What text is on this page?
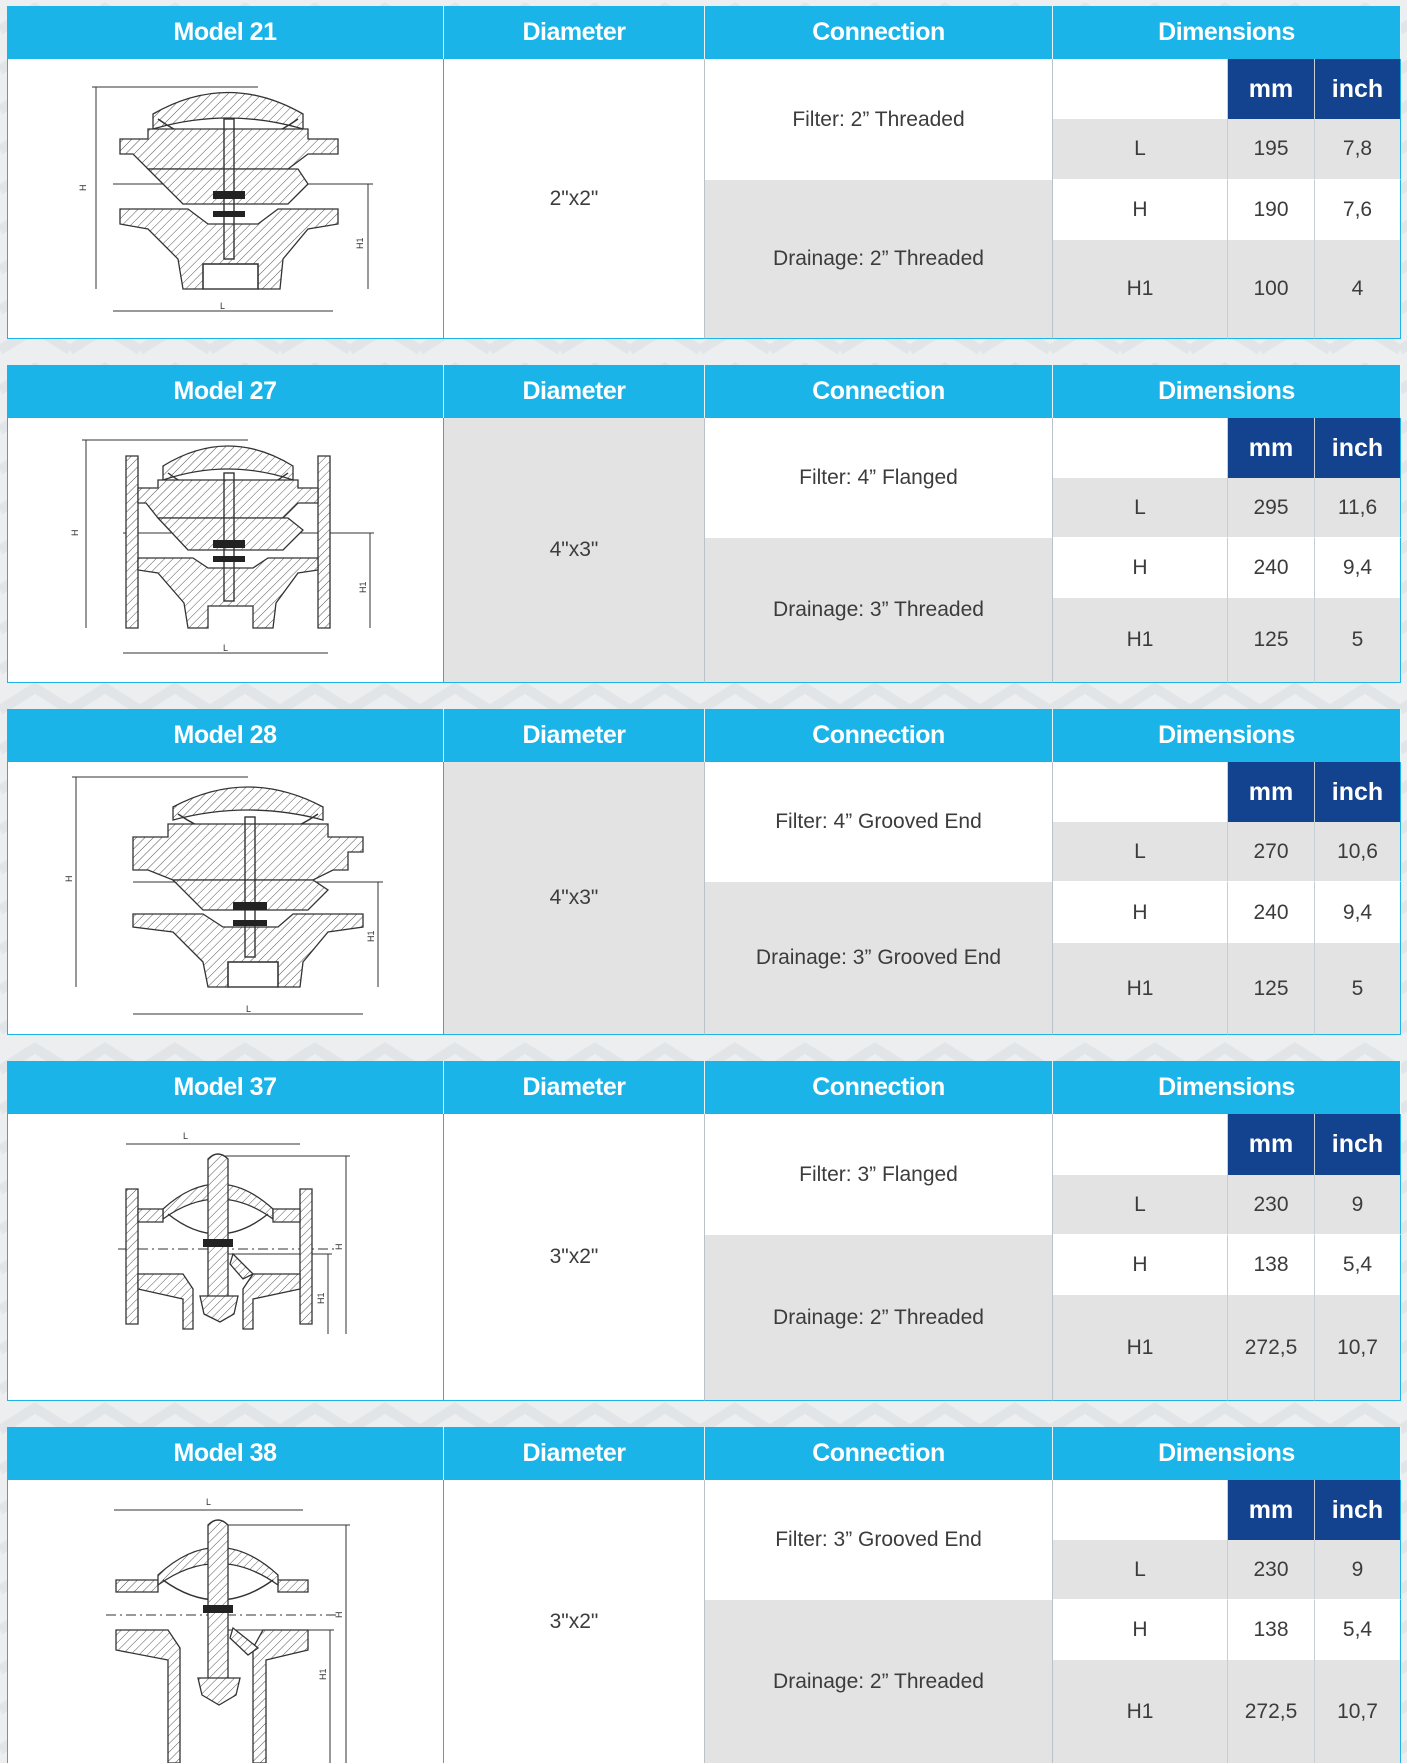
Model 21	Diameter	Connection	Dimensions
H
L
H1
2"x2"
Filter: 2” Threaded
Drainage: 2” Threaded
mm	inch
L	195	7,8
H	190	7,6
H1	100	4
Model 27	Diameter	Connection	Dimensions
H
L
H1
4"x3"
Filter: 4” Flanged
Drainage: 3” Threaded
mm	inch
L	295	11,6
H	240	9,4
H1	125	5
Model 28	Diameter	Connection	Dimensions
H
L
H1
4"x3"
Filter: 4” Grooved End
Drainage: 3” Grooved End
mm	inch
L	270	10,6
H	240	9,4
H1	125	5
Model 37	Diameter	Connection	Dimensions
L
H
H1
3"x2"
Filter: 3” Flanged
Drainage: 2” Threaded
mm	inch
L	230	9
H	138	5,4
H1	272,5	10,7
Model 38	Diameter	Connection	Dimensions
L
H
H1
3"x2"
Filter: 3” Grooved End
Drainage: 2” Threaded
mm	inch
L	230	9
H	138	5,4
H1	272,5	10,7
